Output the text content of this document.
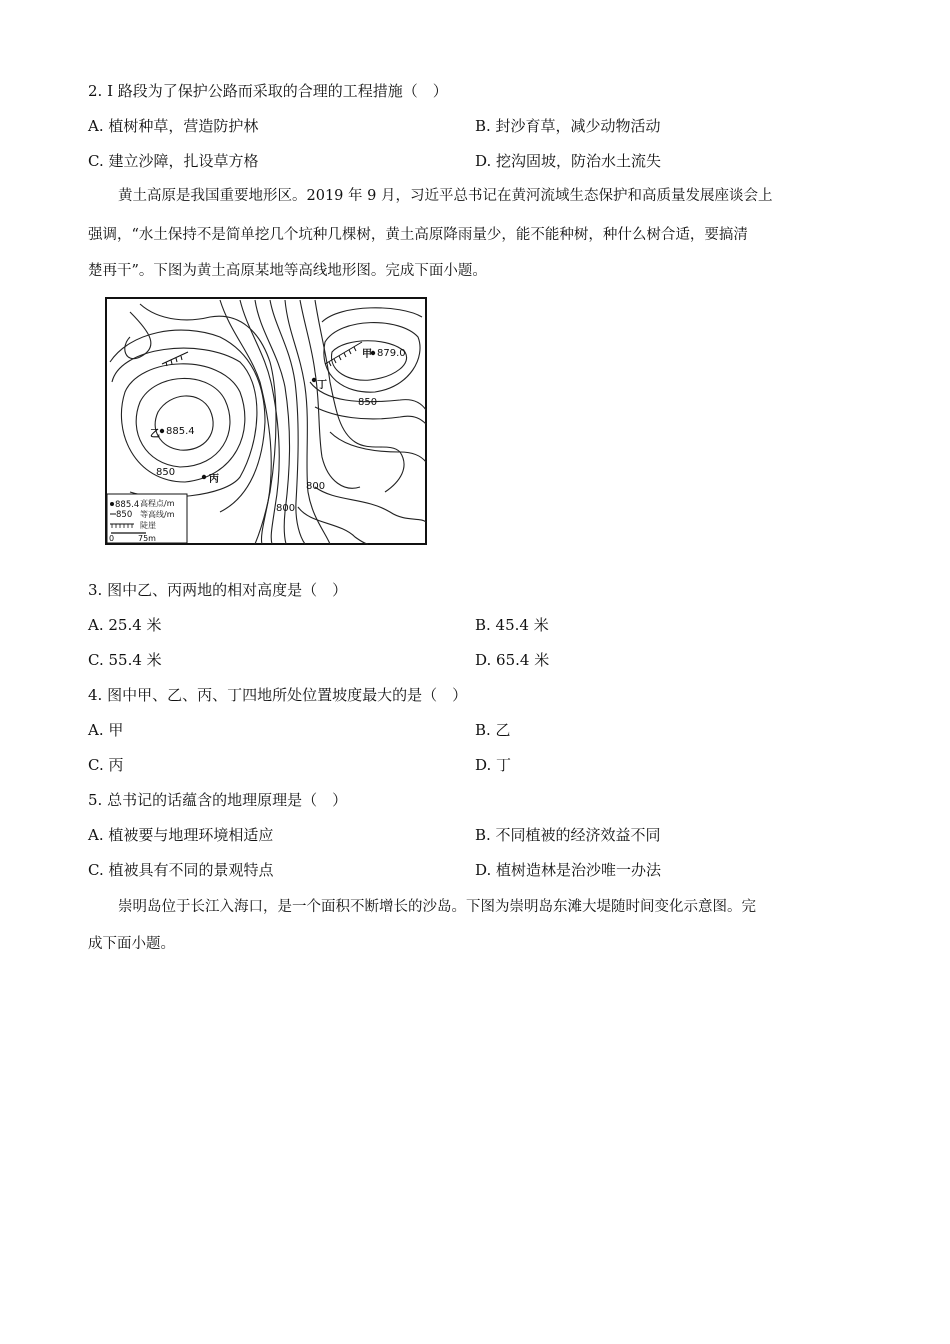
2. I 路段为了保护公路而采取的合理的工程措施（　）
A. 植树种草，营造防护林	B. 封沙育草，减少动物活动
C. 建立沙障，扎设草方格	D. 挖沟固坡，防治水土流失
黄土高原是我国重要地形区。2019 年 9 月，习近平总书记在黄河流域生态保护和高质量发展座谈会上
强调，“水土保持不是简单挖几个坑种几棵树，黄土高原降雨量少，能不能种树，种什么树合适，要搞清
楚再干”。下图为黄土高原某地等高线地形图。完成下面小题。
甲 879.0
乙 885.4
丙
丁
850
850
800
800
885.4 高程点/m
850 等高线/m
陡崖
0	75m
3. 图中乙、丙两地的相对高度是（　）
A. 25.4 米	B. 45.4 米
C. 55.4 米	D. 65.4 米
4. 图中甲、乙、丙、丁四地所处位置坡度最大的是（　）
A. 甲	B. 乙
C. 丙	D. 丁
5. 总书记的话蕴含的地理原理是（　）
A. 植被要与地理环境相适应	B. 不同植被的经济效益不同
C. 植被具有不同的景观特点	D. 植树造林是治沙唯一办法
崇明岛位于长江入海口，是一个面积不断增长的沙岛。下图为崇明岛东滩大堤随时间变化示意图。完
成下面小题。
